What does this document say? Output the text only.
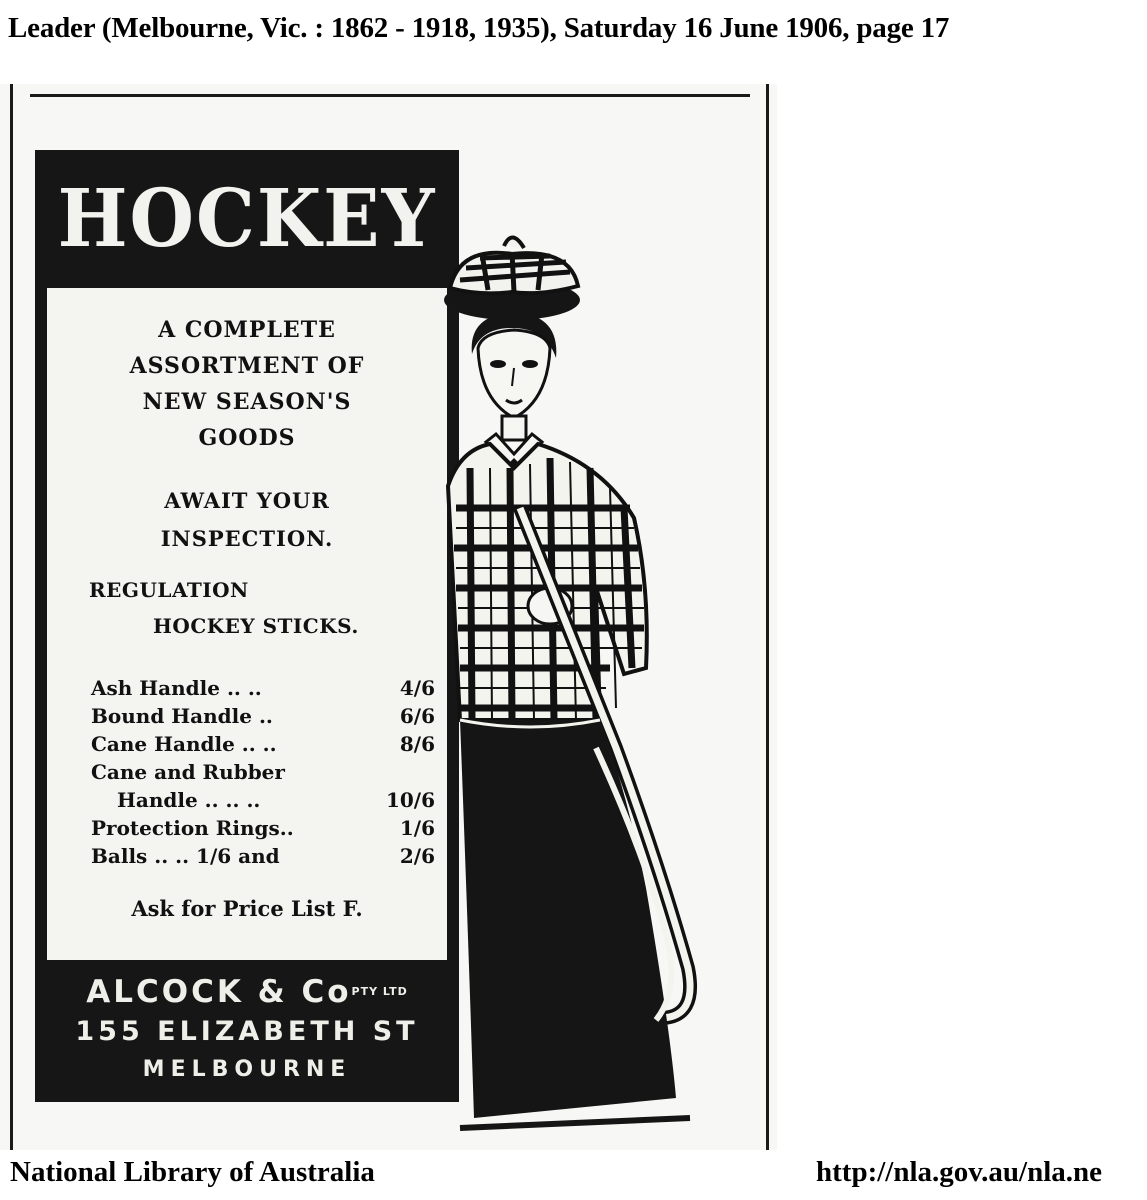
Leader (Melbourne, Vic. : 1862 - 1918, 1935), Saturday 16 June 1906, page 17
HOCKEY
A COMPLETE
ASSORTMENT OF
NEW SEASON'S
GOODS
AWAIT YOUR
INSPECTION.
REGULATION
HOCKEY STICKS.
Ash Handle .. ..	4/6
Bound Handle ..	6/6
Cane Handle .. ..	8/6
Cane and Rubber
Handle .. .. ..	10/6
Protection Rings..	1/6
Balls .. .. 1/6 and	2/6
Ask for Price List F.
ALCOCK & $Co^{PTY LTD}$
155 ELIZABETH ST
MELBOURNE
National Library of Australia	http://nla.gov.au/nla.ne
